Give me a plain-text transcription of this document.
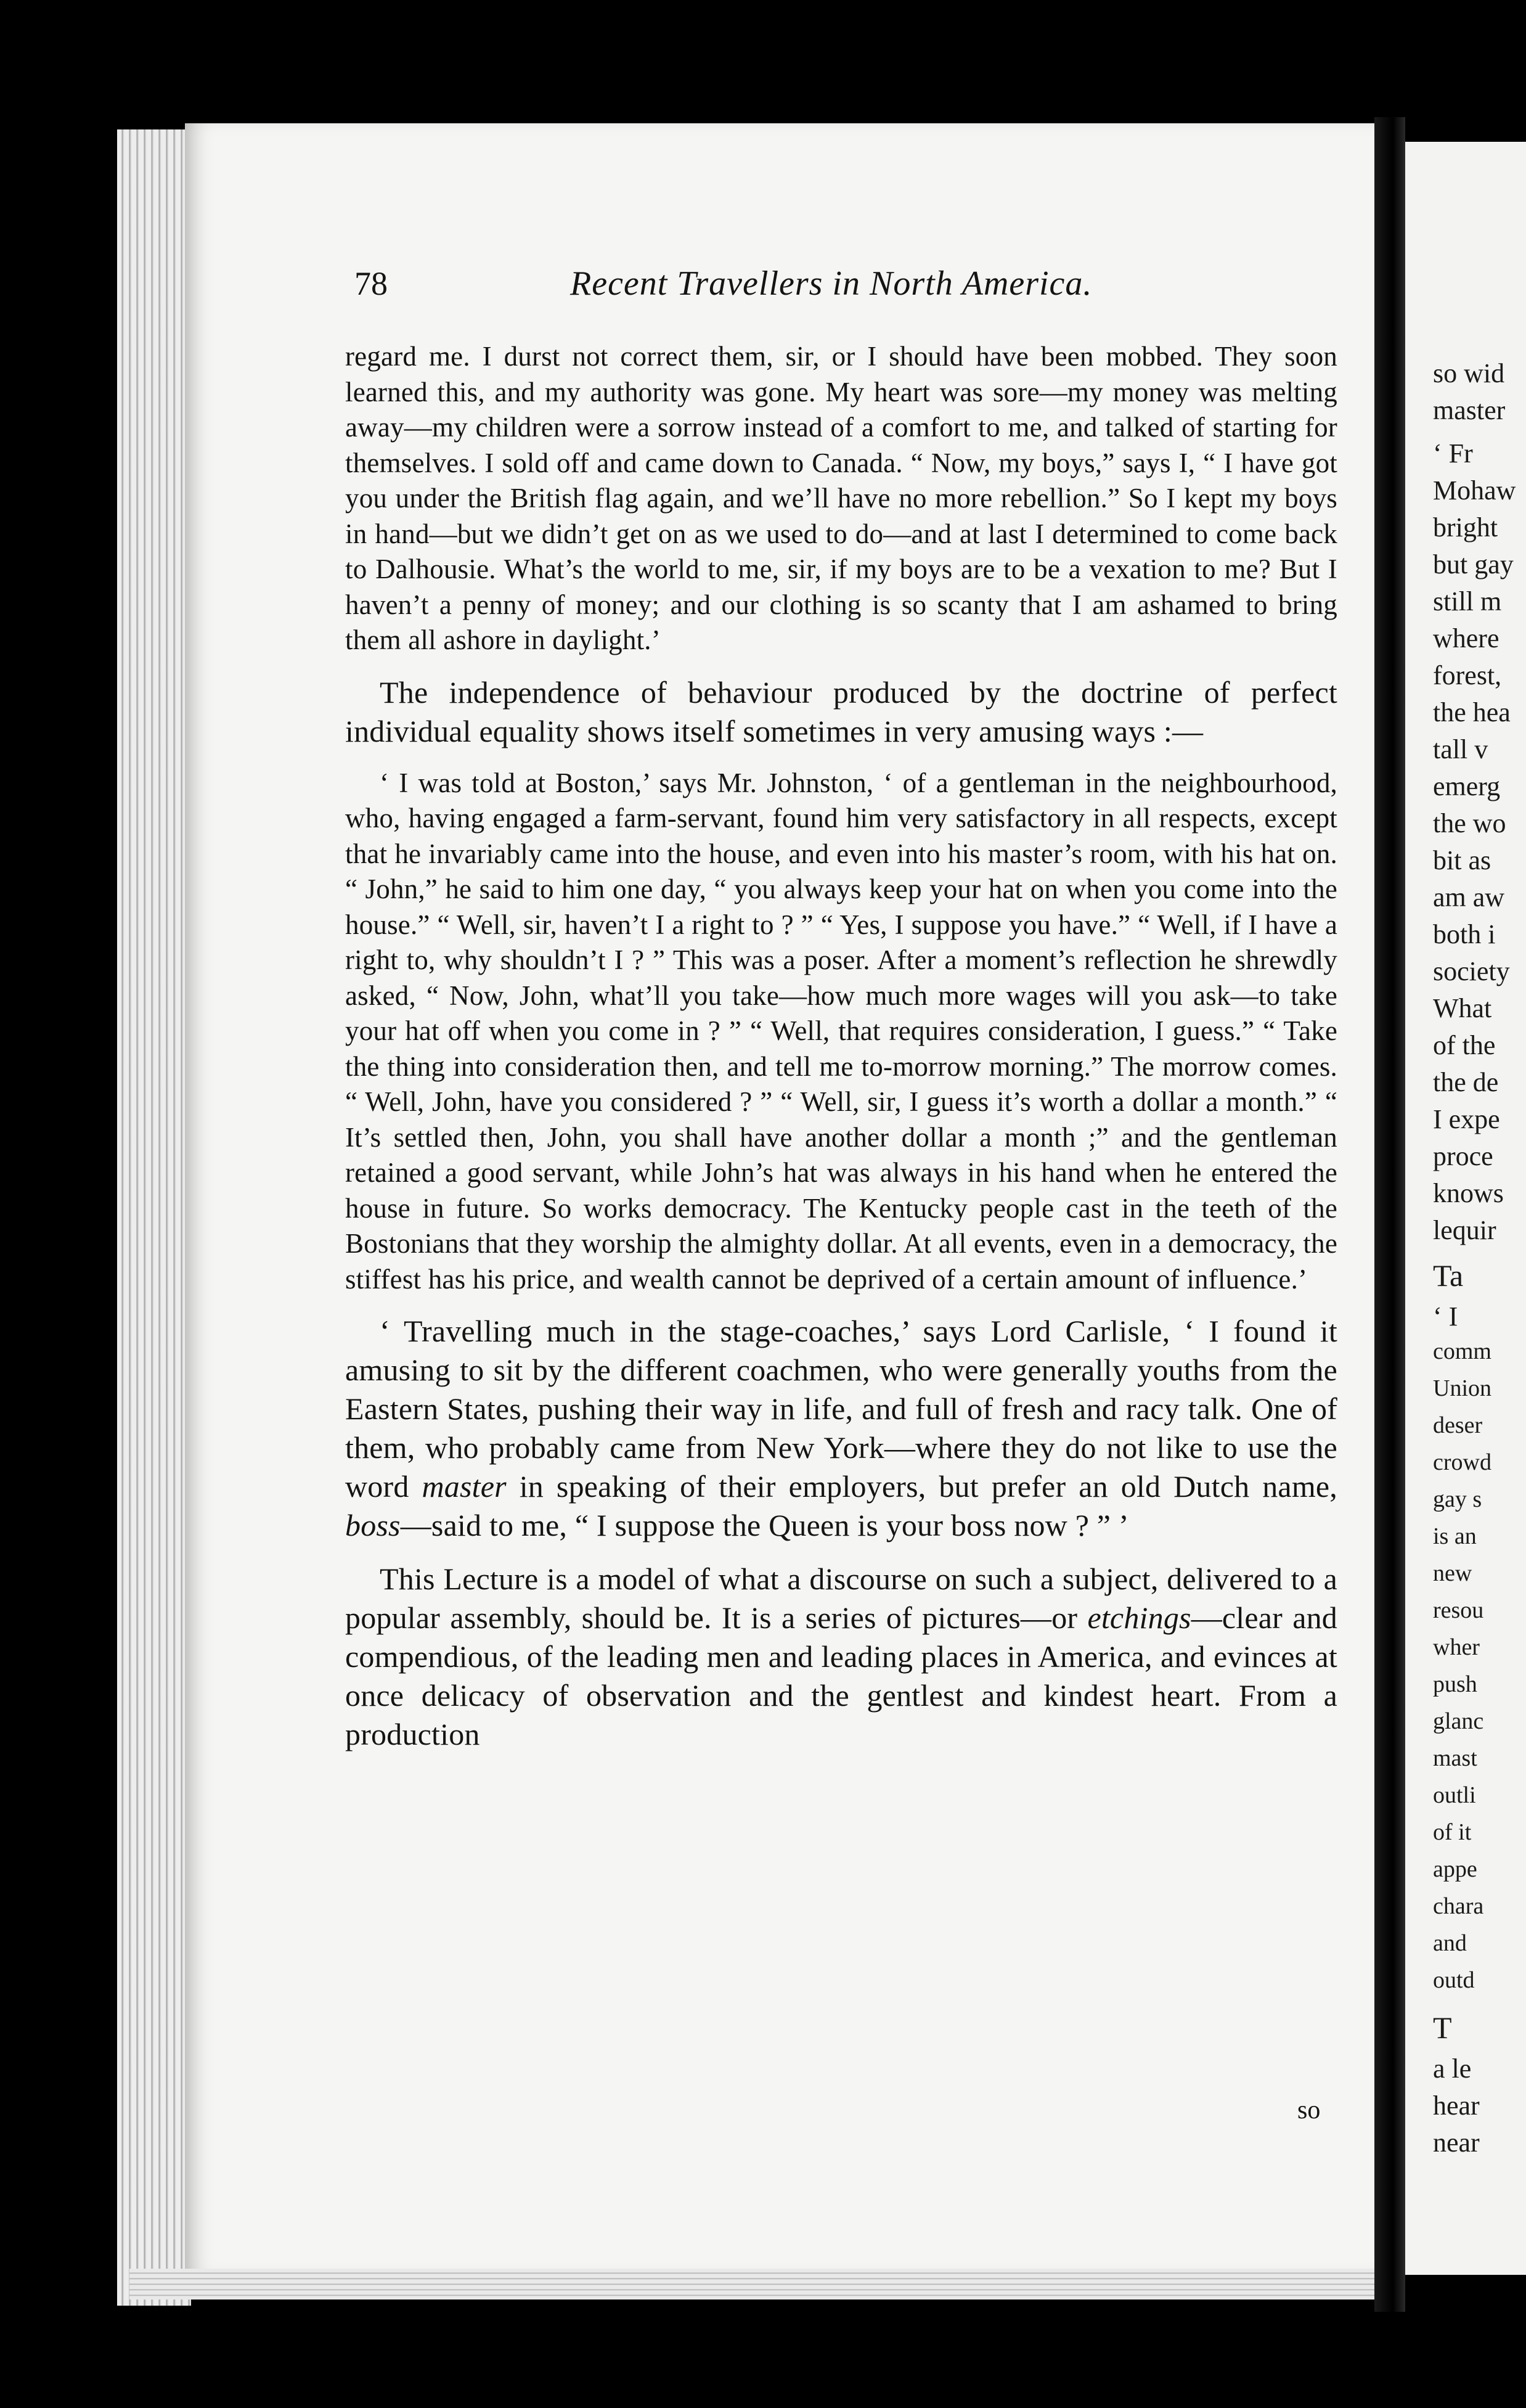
78	Recent Travellers in North America.

regard me. I durst not correct them, sir, or I should have been mobbed. They soon learned this, and my authority was gone. My heart was sore—my money was melting away—my children were a sorrow instead of a comfort to me, and talked of starting for themselves. I sold off and came down to Canada. “ Now, my boys,” says I, “ I have got you under the British flag again, and we’ll have no more rebellion.” So I kept my boys in hand—but we didn’t get on as we used to do—and at last I determined to come back to Dalhousie. What’s the world to me, sir, if my boys are to be a vexation to me? But I haven’t a penny of money; and our clothing is so scanty that I am ashamed to bring them all ashore in daylight.’

The independence of behaviour produced by the doctrine of perfect individual equality shows itself sometimes in very amusing ways :—

‘ I was told at Boston,’ says Mr. Johnston, ‘ of a gentleman in the neighbourhood, who, having engaged a farm-servant, found him very satisfactory in all respects, except that he invariably came into the house, and even into his master’s room, with his hat on. “ John,” he said to him one day, “ you always keep your hat on when you come into the house.” “ Well, sir, haven’t I a right to ? ” “ Yes, I suppose you have.” “ Well, if I have a right to, why shouldn’t I ? ” This was a poser. After a moment’s reflection he shrewdly asked, “ Now, John, what’ll you take—how much more wages will you ask—to take your hat off when you come in ? ” “ Well, that requires consideration, I guess.” “ Take the thing into consideration then, and tell me to-morrow morning.” The morrow comes. “ Well, John, have you considered ? ” “ Well, sir, I guess it’s worth a dollar a month.” “ It’s settled then, John, you shall have another dollar a month ;” and the gentleman retained a good servant, while John’s hat was always in his hand when he entered the house in future. So works democracy. The Kentucky people cast in the teeth of the Bostonians that they worship the almighty dollar. At all events, even in a democracy, the stiffest has his price, and wealth cannot be deprived of a certain amount of influence.’

‘ Travelling much in the stage-coaches,’ says Lord Carlisle, ‘ I found it amusing to sit by the different coachmen, who were generally youths from the Eastern States, pushing their way in life, and full of fresh and racy talk. One of them, who probably came from New York—where they do not like to use the word master in speaking of their employers, but prefer an old Dutch name, boss—said to me, “ I suppose the Queen is your boss now ? ” ’

This Lecture is a model of what a discourse on such a subject, delivered to a popular assembly, should be. It is a series of pictures—or etchings—clear and compendious, of the leading men and leading places in America, and evinces at once delicacy of observation and the gentlest and kindest heart. From a production

so
so wid
master
‘ Fr
Mohaw
bright
but gay
still m
where
forest,
the hea
tall v
emerg
the wo
bit as
am aw
both i
society
What
of the
the de
I expe
proce
knows
lequir
Ta
‘ I
comm
Union
deser
crowd
gay s
is an
new
resou
wher
push
glanc
mast
outli
of it
appe
chara
and
outd
T
a le
hear
near
